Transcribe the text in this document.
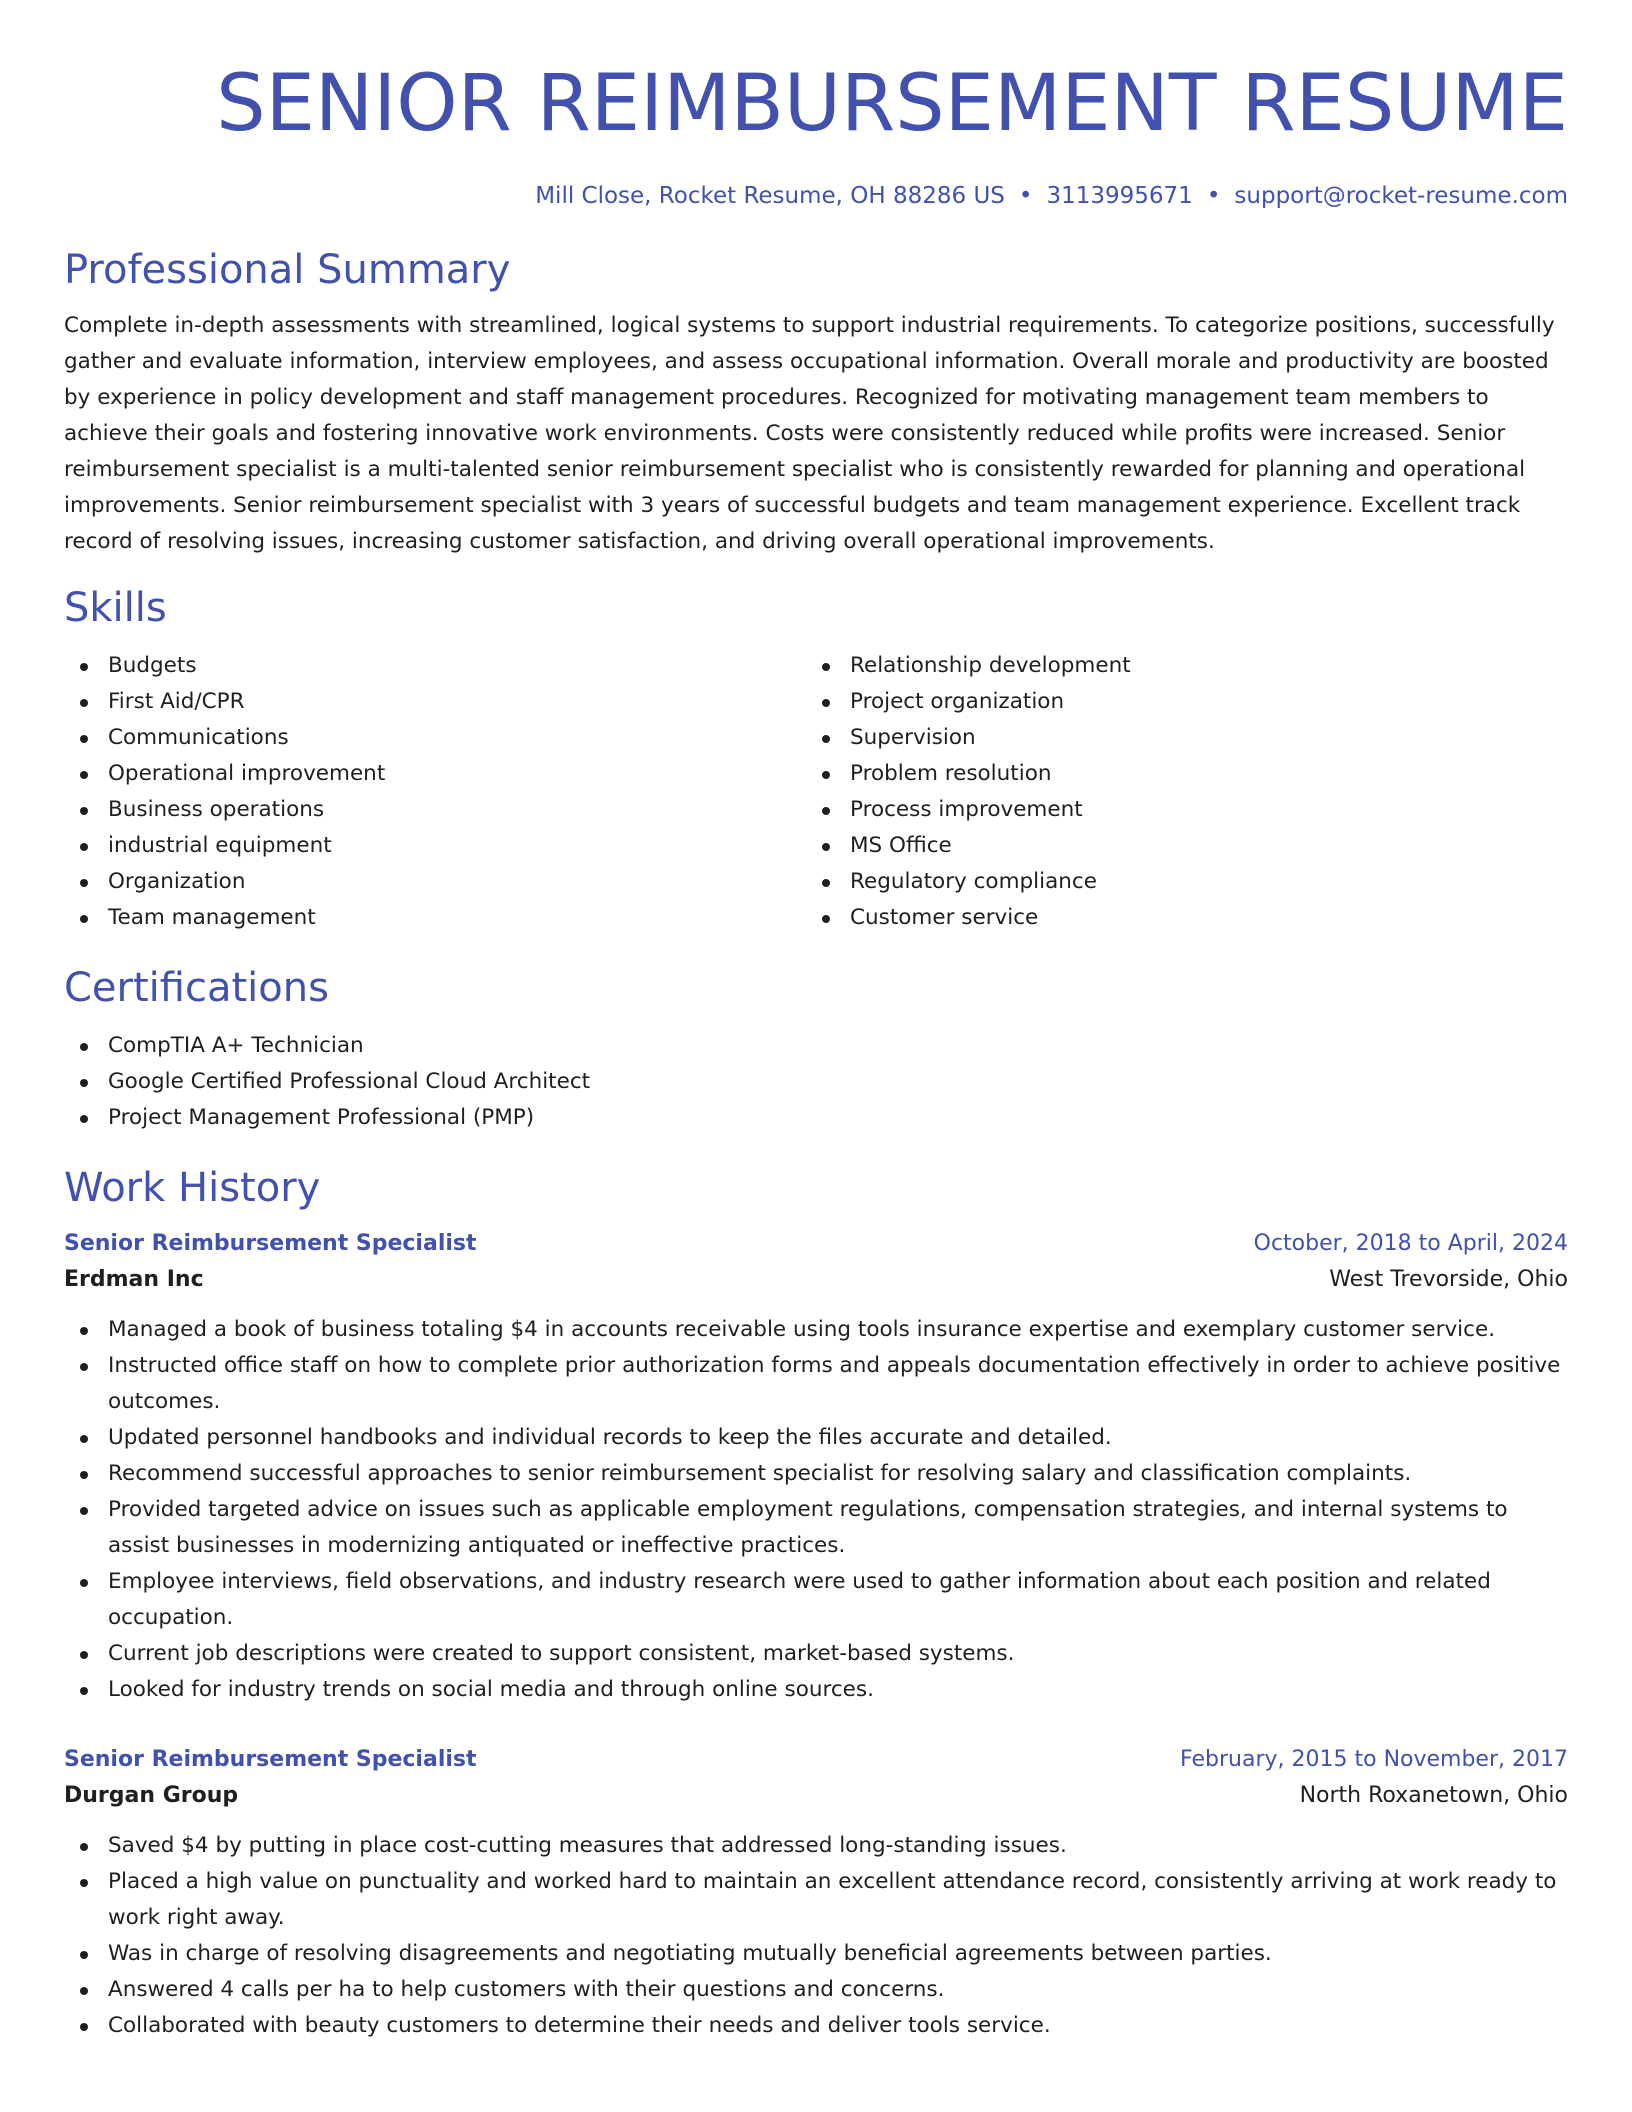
SENIOR REIMBURSEMENT RESUME
Mill Close, Rocket Resume, OH 88286 US • 3113995671 • support@rocket-resume.com
Professional Summary

Complete in-depth assessments with streamlined, logical systems to support industrial requirements. To categorize positions, successfully gather and evaluate information, interview employees, and assess occupational information. Overall morale and productivity are boosted by experience in policy development and staff management procedures. Recognized for motivating management team members to achieve their goals and fostering innovative work environments. Costs were consistently reduced while profits were increased. Senior reimbursement specialist is a multi-talented senior reimbursement specialist who is consistently rewarded for planning and operational improvements. Senior reimbursement specialist with 3 years of successful budgets and team management experience. Excellent track record of resolving issues, increasing customer satisfaction, and driving overall operational improvements.

Skills
Budgets
First Aid/CPR
Communications
Operational improvement
Business operations
industrial equipment
Organization
Team management
Relationship development
Project organization
Supervision
Problem resolution
Process improvement
MS Office
Regulatory compliance
Customer service
Certifications
CompTIA A+ Technician
Google Certified Professional Cloud Architect
Project Management Professional (PMP)
Work History
Senior Reimbursement Specialist	October, 2018 to April, 2024
Erdman Inc	West Trevorside, Ohio
Managed a book of business totaling $4 in accounts receivable using tools insurance expertise and exemplary customer service.
Instructed office staff on how to complete prior authorization forms and appeals documentation effectively in order to achieve positive outcomes.
Updated personnel handbooks and individual records to keep the files accurate and detailed.
Recommend successful approaches to senior reimbursement specialist for resolving salary and classification complaints.
Provided targeted advice on issues such as applicable employment regulations, compensation strategies, and internal systems to assist businesses in modernizing antiquated or ineffective practices.
Employee interviews, field observations, and industry research were used to gather information about each position and related occupation.
Current job descriptions were created to support consistent, market-based systems.
Looked for industry trends on social media and through online sources.
Senior Reimbursement Specialist	February, 2015 to November, 2017
Durgan Group	North Roxanetown, Ohio
Saved $4 by putting in place cost-cutting measures that addressed long-standing issues.
Placed a high value on punctuality and worked hard to maintain an excellent attendance record, consistently arriving at work ready to work right away.
Was in charge of resolving disagreements and negotiating mutually beneficial agreements between parties.
Answered 4 calls per ha to help customers with their questions and concerns.
Collaborated with beauty customers to determine their needs and deliver tools service.
